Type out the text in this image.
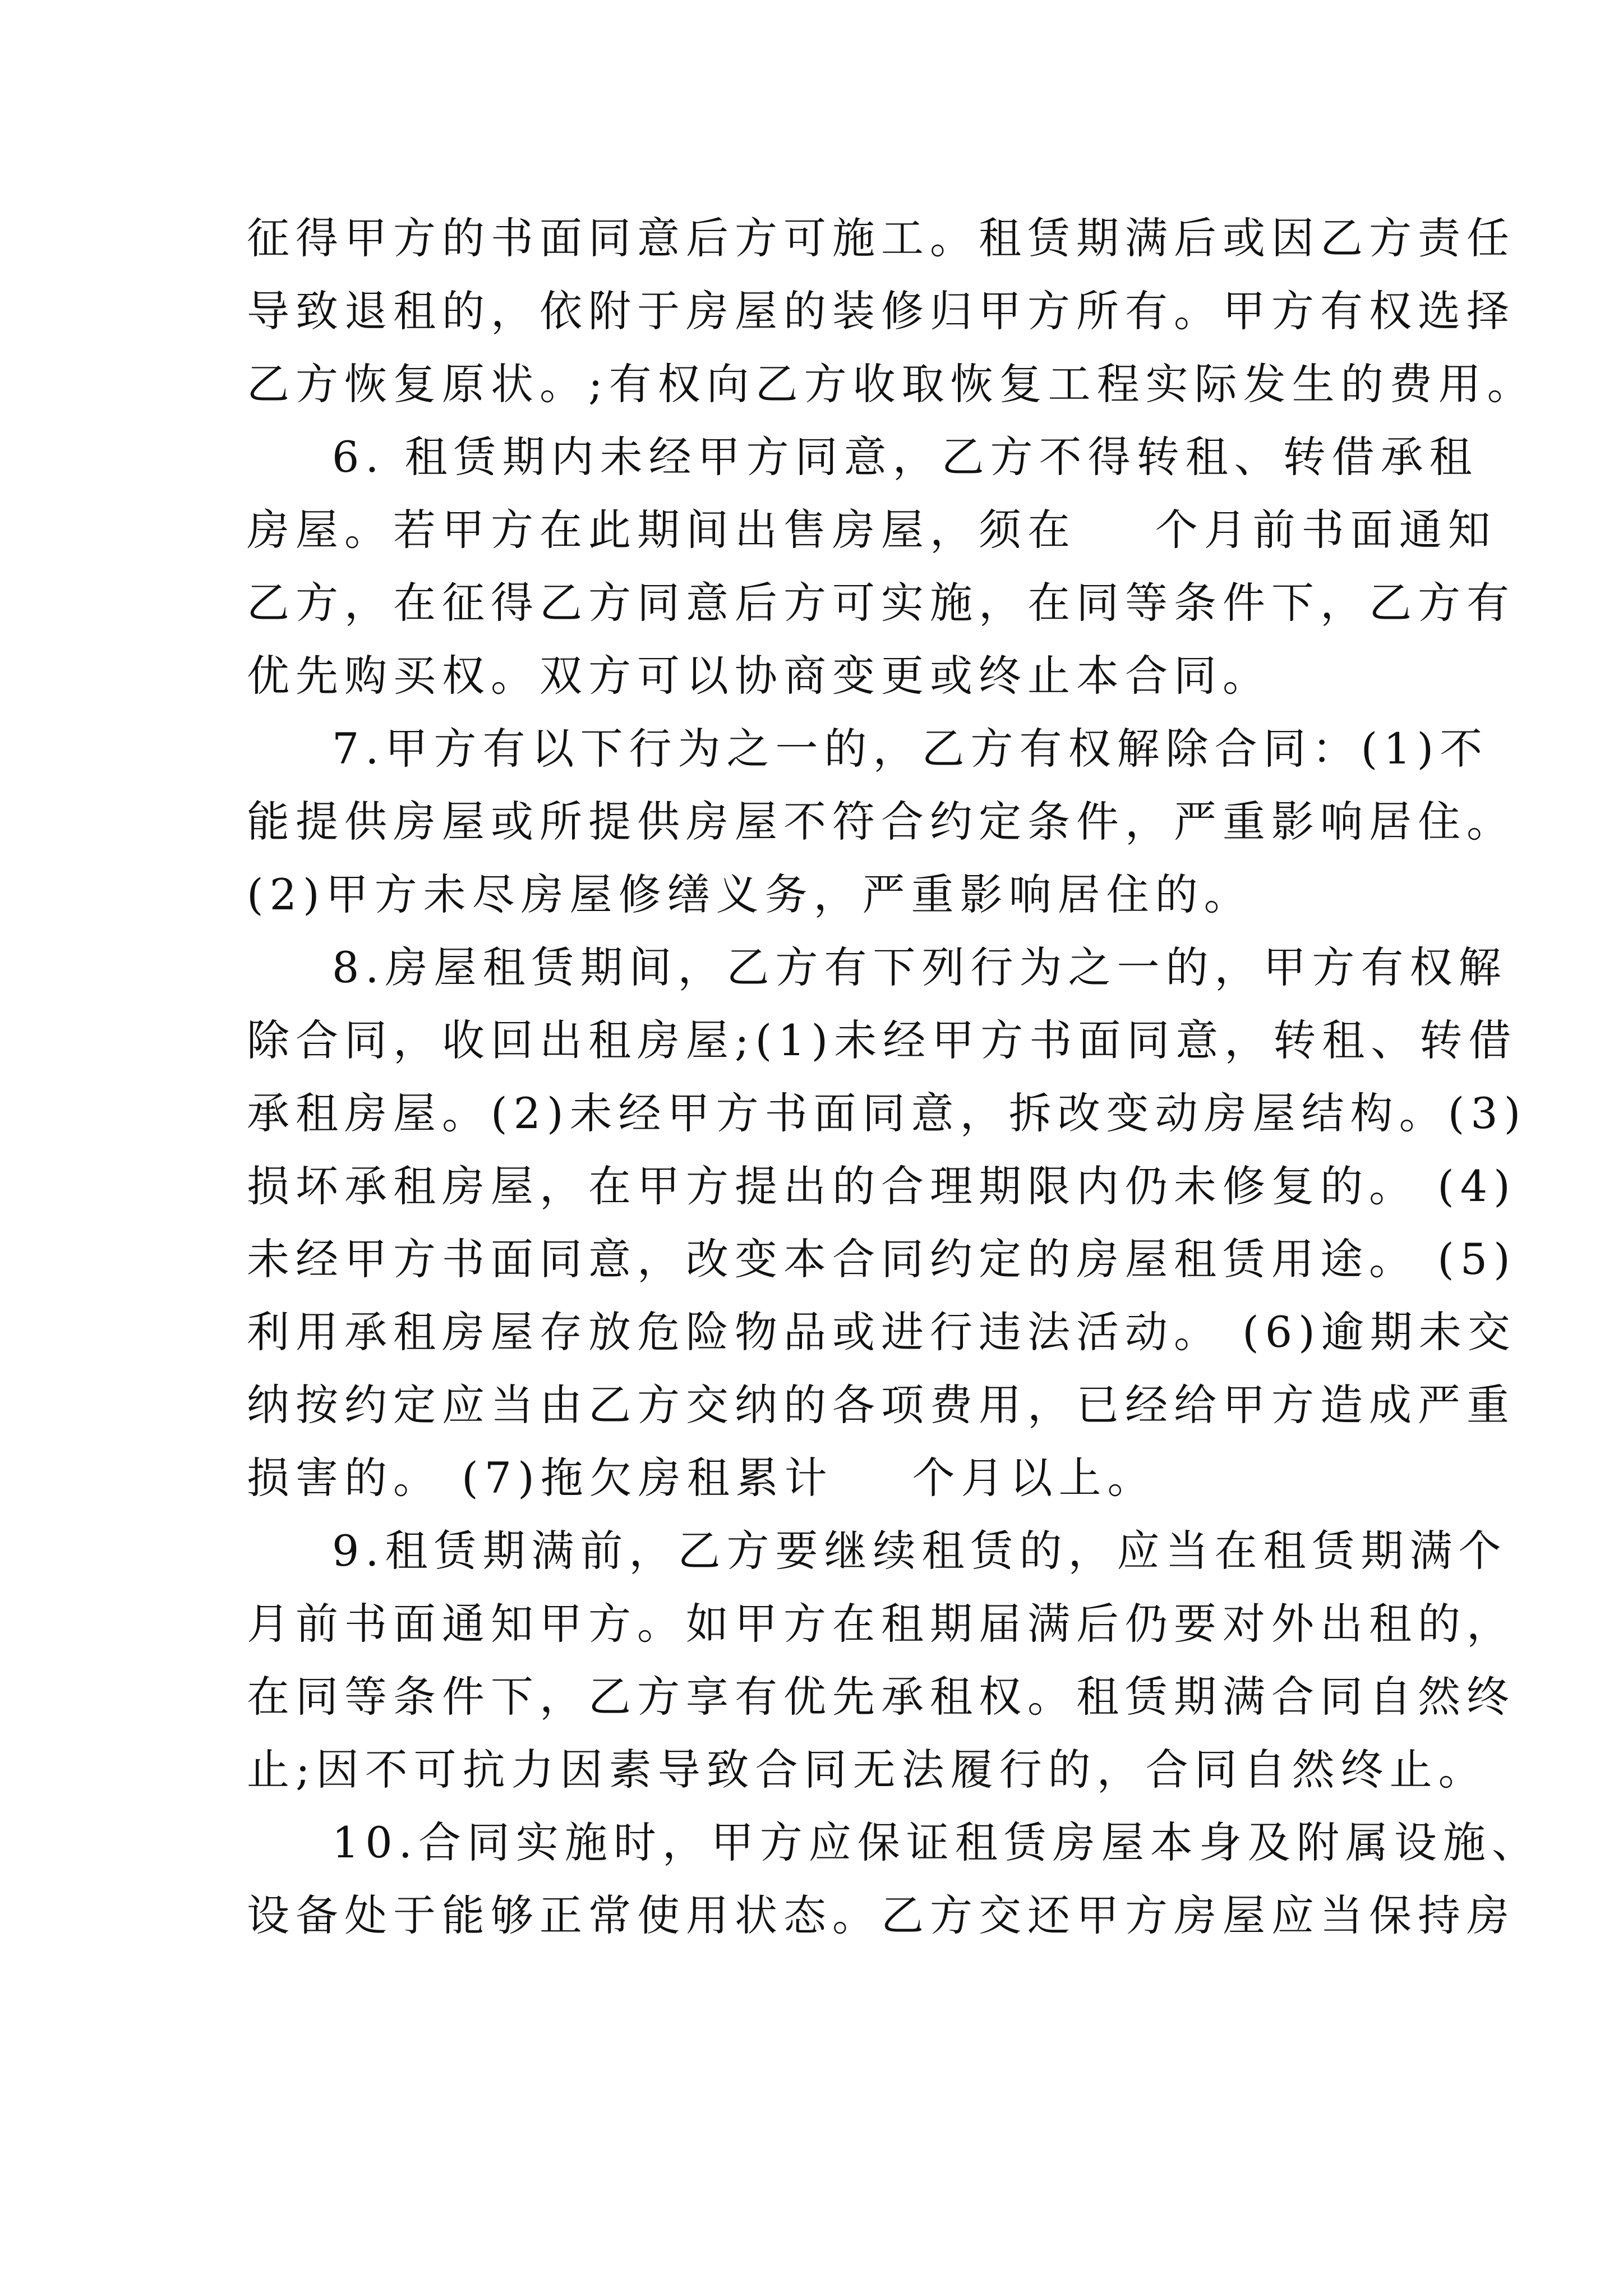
征得甲方的书面同意后方可施工。租赁期满后或因乙方责任
导致退租的，依附于房屋的装修归甲方所有。甲方有权选择
乙方恢复原状。;有权向乙方收取恢复工程实际发生的费用。
6. 租赁期内未经甲方同意，乙方不得转租、转借承租
房屋。若甲方在此期间出售房屋，须在    个月前书面通知
乙方，在征得乙方同意后方可实施，在同等条件下，乙方有
优先购买权。双方可以协商变更或终止本合同。
7.甲方有以下行为之一的，乙方有权解除合同：(1)不
能提供房屋或所提供房屋不符合约定条件，严重影响居住。
(2)甲方未尽房屋修缮义务，严重影响居住的。
8.房屋租赁期间，乙方有下列行为之一的，甲方有权解
除合同，收回出租房屋;(1)未经甲方书面同意，转租、转借
承租房屋。(2)未经甲方书面同意，拆改变动房屋结构。(3)
损坏承租房屋，在甲方提出的合理期限内仍未修复的。 (4)
未经甲方书面同意，改变本合同约定的房屋租赁用途。 (5)
利用承租房屋存放危险物品或进行违法活动。 (6)逾期未交
纳按约定应当由乙方交纳的各项费用，已经给甲方造成严重
损害的。 (7)拖欠房租累计    个月以上。
9.租赁期满前，乙方要继续租赁的，应当在租赁期满个
月前书面通知甲方。如甲方在租期届满后仍要对外出租的，
在同等条件下，乙方享有优先承租权。租赁期满合同自然终
止;因不可抗力因素导致合同无法履行的，合同自然终止。
10.合同实施时，甲方应保证租赁房屋本身及附属设施、
设备处于能够正常使用状态。乙方交还甲方房屋应当保持房
